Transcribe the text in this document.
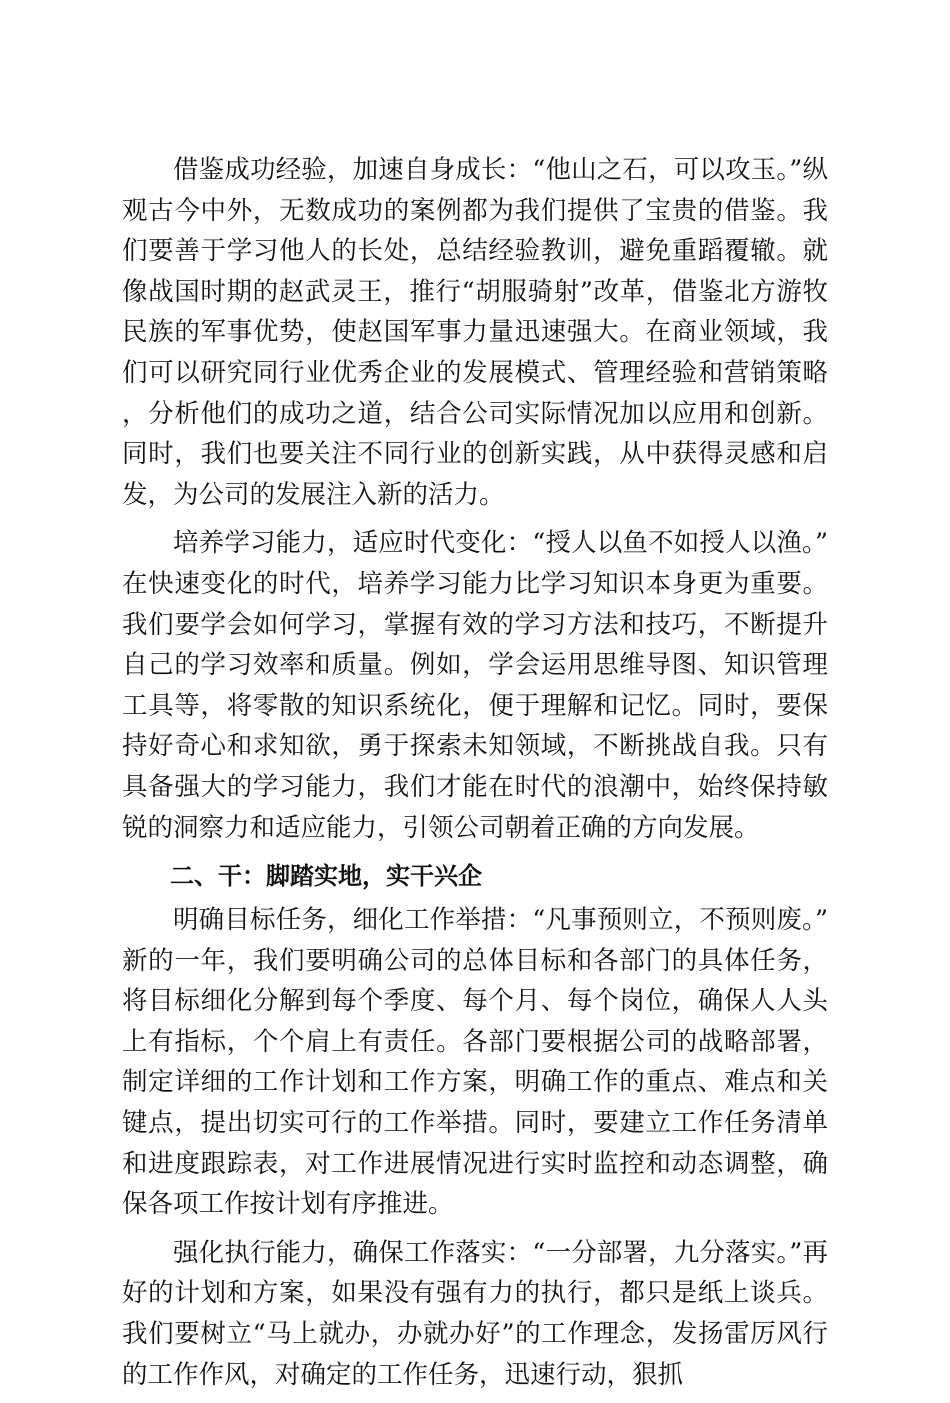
借鉴成功经验，加速自身成长：“他山之石，可以攻玉。”纵观古今中外，无数成功的案例都为我们提供了宝贵的借鉴。我们要善于学习他人的长处，总结经验教训，避免重蹈覆辙。就像战国时期的赵武灵王，推行“胡服骑射”改革，借鉴北方游牧民族的军事优势，使赵国军事力量迅速强大。在商业领域，我们可以研究同行业优秀企业的发展模式、管理经验和营销策略，分析他们的成功之道，结合公司实际情况加以应用和创新。同时，我们也要关注不同行业的创新实践，从中获得灵感和启发，为公司的发展注入新的活力。

培养学习能力，适应时代变化：“授人以鱼不如授人以渔。”在快速变化的时代，培养学习能力比学习知识本身更为重要。我们要学会如何学习，掌握有效的学习方法和技巧，不断提升自己的学习效率和质量。例如，学会运用思维导图、知识管理工具等，将零散的知识系统化，便于理解和记忆。同时，要保持好奇心和求知欲，勇于探索未知领域，不断挑战自我。只有具备强大的学习能力，我们才能在时代的浪潮中，始终保持敏锐的洞察力和适应能力，引领公司朝着正确的方向发展。

二、干：脚踏实地，实干兴企

明确目标任务，细化工作举措：“凡事预则立，不预则废。”新的一年，我们要明确公司的总体目标和各部门的具体任务，将目标细化分解到每个季度、每个月、每个岗位，确保人人头上有指标，个个肩上有责任。各部门要根据公司的战略部署，制定详细的工作计划和工作方案，明确工作的重点、难点和关键点，提出切实可行的工作举措。同时，要建立工作任务清单和进度跟踪表，对工作进展情况进行实时监控和动态调整，确保各项工作按计划有序推进。

强化执行能力，确保工作落实：“一分部署，九分落实。”再好的计划和方案，如果没有强有力的执行，都只是纸上谈兵。我们要树立“马上就办，办就办好”的工作理念，发扬雷厉风行的工作作风，对确定的工作任务，迅速行动，狠抓
